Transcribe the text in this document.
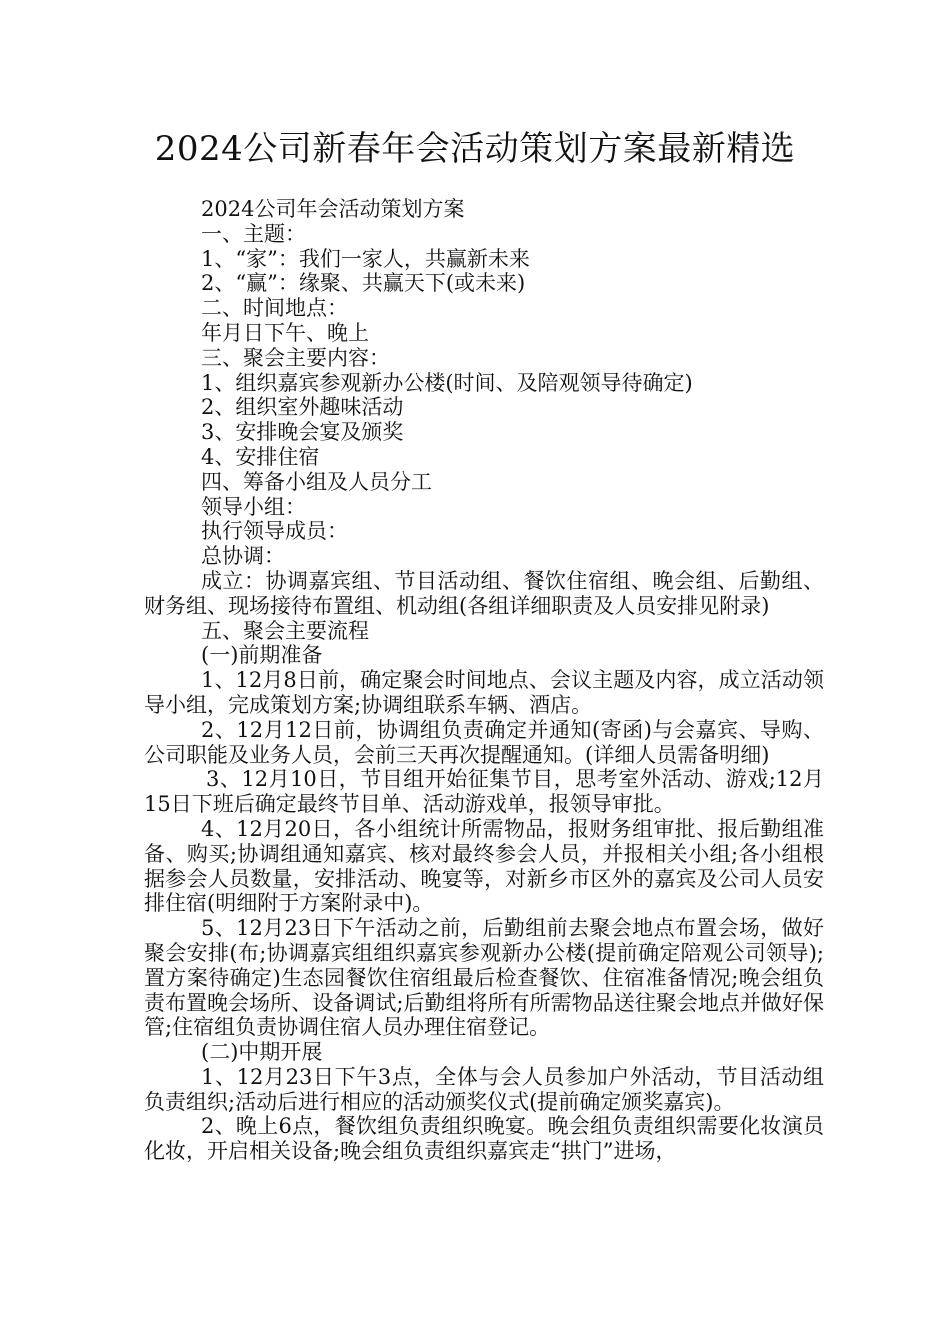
2024公司新春年会活动策划方案最新精选

2024公司年会活动策划方案

一、主题：

1、“家”：我们一家人，共赢新未来

2、“赢”：缘聚、共赢天下(或未来)

二、时间地点：

年月日下午、晚上

三、聚会主要内容：

1、组织嘉宾参观新办公楼(时间、及陪观领导待确定)

2、组织室外趣味活动

3、安排晚会宴及颁奖

4、安排住宿

四、筹备小组及人员分工

领导小组：

执行领导成员：

总协调：

成立：协调嘉宾组、节目活动组、餐饮住宿组、晚会组、后勤组、财务组、现场接待布置组、机动组(各组详细职责及人员安排见附录)

五、聚会主要流程

(一)前期准备

1、12月8日前，确定聚会时间地点、会议主题及内容，成立活动领导小组，完成策划方案;协调组联系车辆、酒店。

2、12月12日前，协调组负责确定并通知(寄函)与会嘉宾、导购、公司职能及业务人员，会前三天再次提醒通知。(详细人员需备明细)

3、12月10日，节目组开始征集节目，思考室外活动、游戏;12月15日下班后确定最终节目单、活动游戏单，报领导审批。

4、12月20日，各小组统计所需物品，报财务组审批、报后勤组准备、购买;协调组通知嘉宾、核对最终参会人员，并报相关小组;各小组根据参会人员数量，安排活动、晚宴等，对新乡市区外的嘉宾及公司人员安排住宿(明细附于方案附录中)。

5、12月23日下午活动之前，后勤组前去聚会地点布置会场，做好聚会安排(布;协调嘉宾组组织嘉宾参观新办公楼(提前确定陪观公司领导);置方案待确定)生态园餐饮住宿组最后检查餐饮、住宿准备情况;晚会组负责布置晚会场所、设备调试;后勤组将所有所需物品送往聚会地点并做好保管;住宿组负责协调住宿人员办理住宿登记。

(二)中期开展

1、12月23日下午3点，全体与会人员参加户外活动，节目活动组负责组织;活动后进行相应的活动颁奖仪式(提前确定颁奖嘉宾)。

2、晚上6点，餐饮组负责组织晚宴。晚会组负责组织需要化妆演员化妆，开启相关设备;晚会组负责组织嘉宾走“拱门”进场，
